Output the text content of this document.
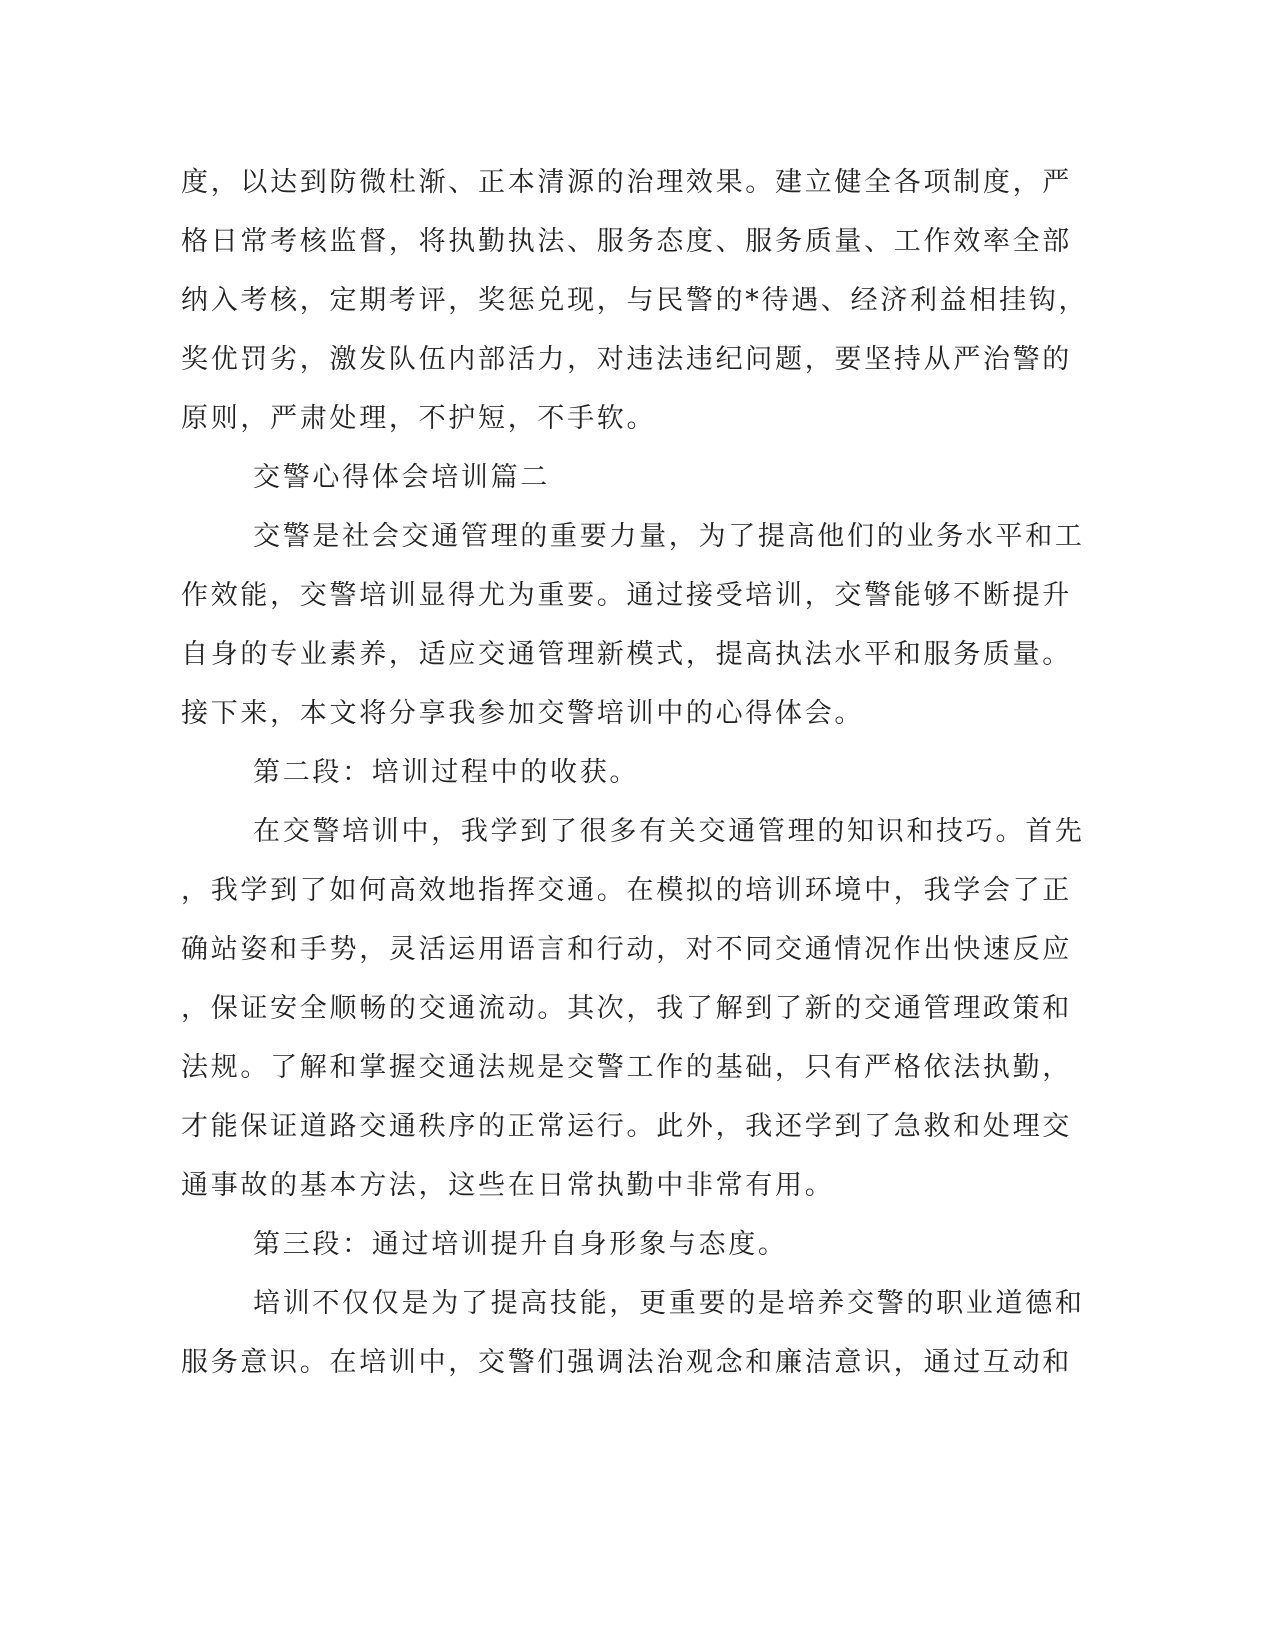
度，以达到防微杜渐、正本清源的治理效果。建立健全各项制度，严
格日常考核监督，将执勤执法、服务态度、服务质量、工作效率全部
纳入考核，定期考评，奖惩兑现，与民警的*待遇、经济利益相挂钩，
奖优罚劣，激发队伍内部活力，对违法违纪问题，要坚持从严治警的
原则，严肃处理，不护短，不手软。
交警心得体会培训篇二
交警是社会交通管理的重要力量，为了提高他们的业务水平和工
作效能，交警培训显得尤为重要。通过接受培训，交警能够不断提升
自身的专业素养，适应交通管理新模式，提高执法水平和服务质量。
接下来，本文将分享我参加交警培训中的心得体会。
第二段：培训过程中的收获。
在交警培训中，我学到了很多有关交通管理的知识和技巧。首先
，我学到了如何高效地指挥交通。在模拟的培训环境中，我学会了正
确站姿和手势，灵活运用语言和行动，对不同交通情况作出快速反应
，保证安全顺畅的交通流动。其次，我了解到了新的交通管理政策和
法规。了解和掌握交通法规是交警工作的基础，只有严格依法执勤，
才能保证道路交通秩序的正常运行。此外，我还学到了急救和处理交
通事故的基本方法，这些在日常执勤中非常有用。
第三段：通过培训提升自身形象与态度。
培训不仅仅是为了提高技能，更重要的是培养交警的职业道德和
服务意识。在培训中，交警们强调法治观念和廉洁意识，通过互动和
